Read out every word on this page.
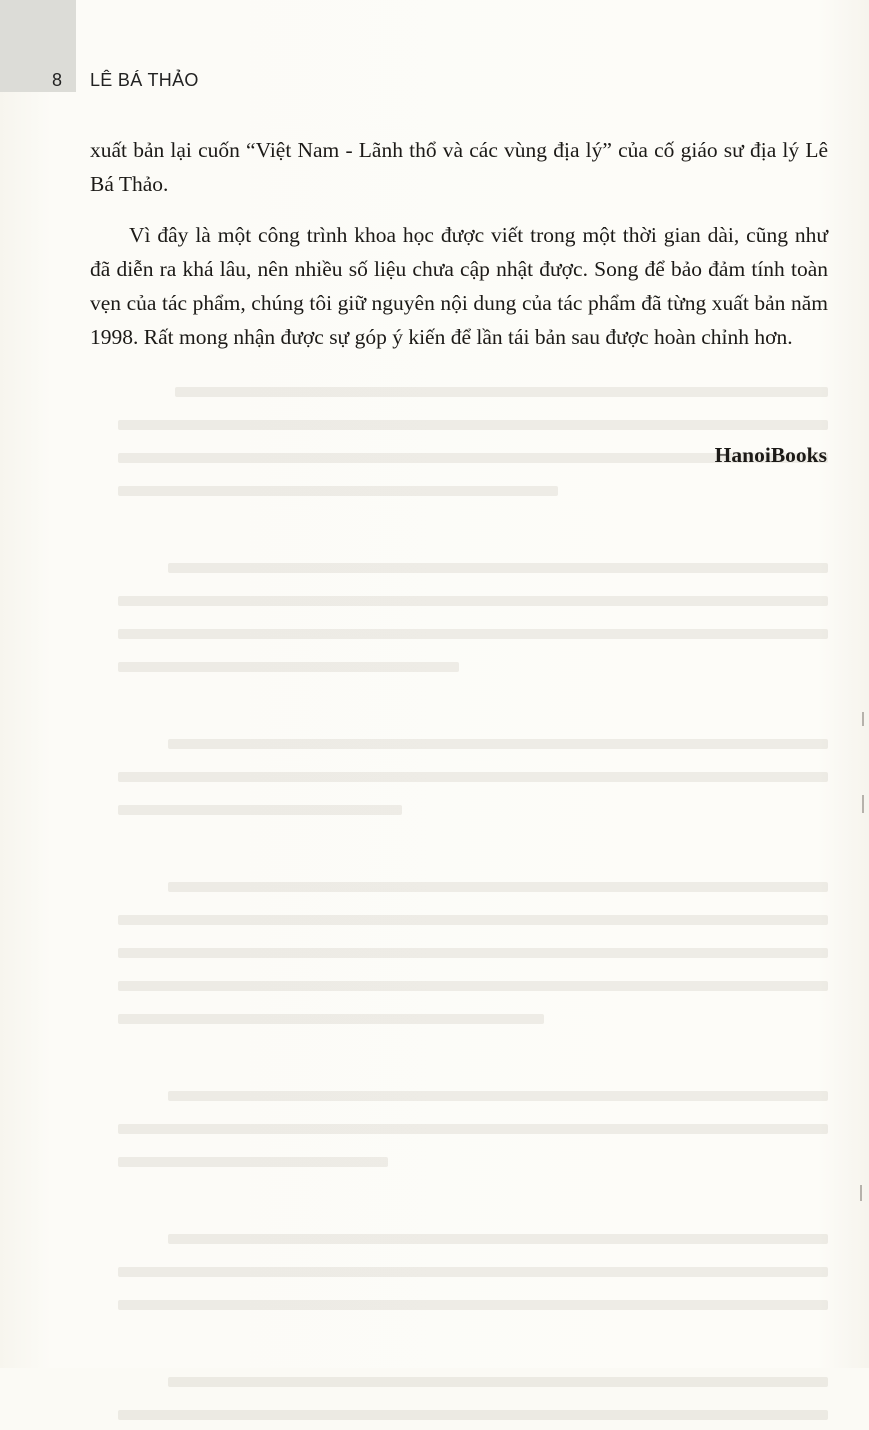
8	LÊ BÁ THẢO

xuất bản lại cuốn “Việt Nam - Lãnh thổ và các vùng địa lý” của cố giáo sư địa lý Lê Bá Thảo.

Vì đây là một công trình khoa học được viết trong một thời gian dài, cũng như đã diễn ra khá lâu, nên nhiều số liệu chưa cập nhật được. Song để bảo đảm tính toàn vẹn của tác phẩm, chúng tôi giữ nguyên nội dung của tác phẩm đã từng xuất bản năm 1998. Rất mong nhận được sự góp ý kiến để lần tái bản sau được hoàn chỉnh hơn.

HanoiBooks
